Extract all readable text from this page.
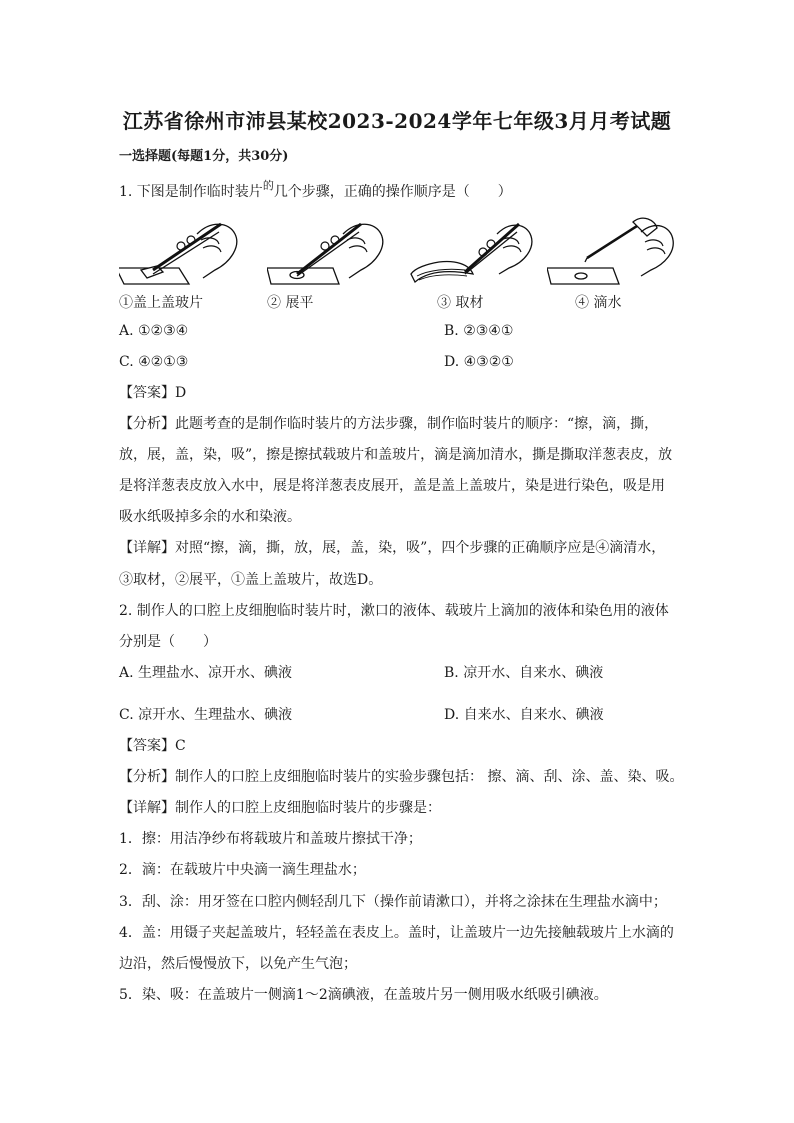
江苏省徐州市沛县某校2023-2024学年七年级3月月考试题
一选择题(每题1分，共30分)
1. 下图是制作临时装片$^的$几个步骤，正确的操作顺序是（　　）
①盖上盖玻片	② 展平	③ 取材	④ 滴水
A. ①②③④	B. ②③④①
C. ④②①③	D. ④③②①
【答案】D
【分析】此题考查的是制作临时装片的方法步骤，制作临时装片的顺序：“擦，滴，撕，
放，展，盖，染，吸”，擦是擦拭载玻片和盖玻片，滴是滴加清水，撕是撕取洋葱表皮，放
是将洋葱表皮放入水中，展是将洋葱表皮展开，盖是盖上盖玻片，染是进行染色，吸是用
吸水纸吸掉多余的水和染液。
【详解】对照“擦，滴，撕，放，展，盖，染，吸”，四个步骤的正确顺序应是④滴清水，
③取材，②展平，①盖上盖玻片，故选D。
2. 制作人的口腔上皮细胞临时装片时，漱口的液体、载玻片上滴加的液体和染色用的液体
分别是（　　）
A. 生理盐水、凉开水、碘液	B. 凉开水、自来水、碘液
C. 凉开水、生理盐水、碘液	D. 自来水、自来水、碘液
【答案】C
【分析】制作人的口腔上皮细胞临时装片的实验步骤包括： 擦、滴、刮、涂、盖、染、吸。
【详解】制作人的口腔上皮细胞临时装片的步骤是：
1．擦：用洁净纱布将载玻片和盖玻片擦拭干净；
2．滴：在载玻片中央滴一滴生理盐水；
3．刮、涂：用牙签在口腔内侧轻刮几下（操作前请漱口），并将之涂抹在生理盐水滴中；
4．盖：用镊子夹起盖玻片，轻轻盖在表皮上。盖时，让盖玻片一边先接触载玻片上水滴的
边沿，然后慢慢放下，以免产生气泡；
5．染、吸：在盖玻片一侧滴1～2滴碘液，在盖玻片另一侧用吸水纸吸引碘液。
